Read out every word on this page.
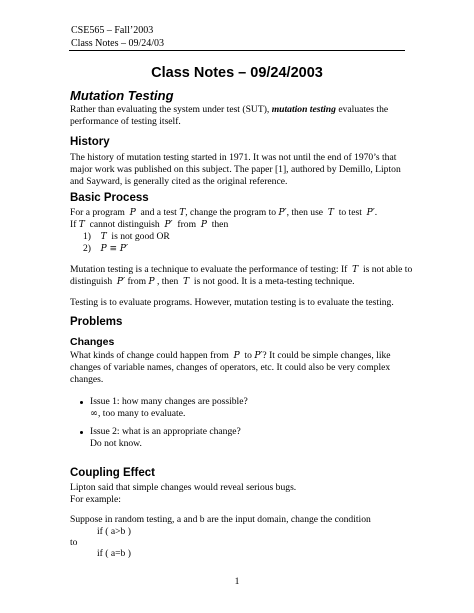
CSE565 – Fall’2003
Class Notes – 09/24/03
Class Notes – 09/24/2003
Mutation Testing
Rather than evaluating the system under test (SUT), mutation testing evaluates the performance of testing itself.
History
The history of mutation testing started in 1971. It was not until the end of 1970’s that major work was published on this subject. The paper [1], authored by Demillo, Lipton and Sayward, is generally cited as the original reference.
Basic Process
For a program P and a test T, change the program to P′, then use T to test P′.
If T cannot distinguish P′ from P then
1) T is not good OR
2) P ≡ P′
Mutation testing is a technique to evaluate the performance of testing: If T is not able to
distinguish P′ from P , then T is not good. It is a meta-testing technique.
Testing is to evaluate programs. However, mutation testing is to evaluate the testing.
Problems
Changes
What kinds of change could happen from P to P′? It could be simple changes, like
changes of variable names, changes of operators, etc. It could also be very complex
changes.
Issue 1: how many changes are possible?
∞, too many to evaluate.
Issue 2: what is an appropriate change?
Do not know.
Coupling Effect
Lipton said that simple changes would reveal serious bugs.
For example:
Suppose in random testing, a and b are the input domain, change the condition
if ( a>b )
to
if ( a=b )
1
